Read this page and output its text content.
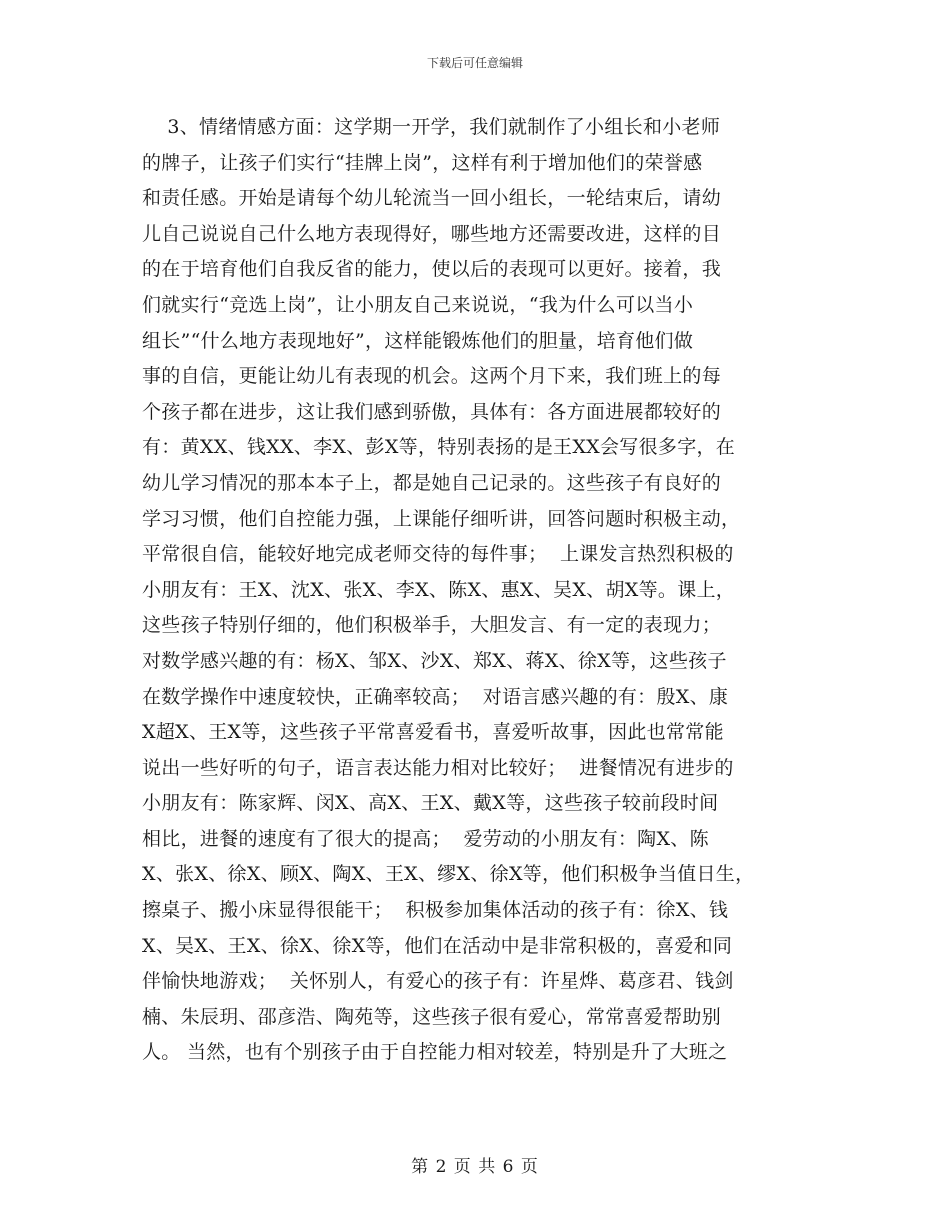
下载后可任意编辑
3、情绪情感方面：这学期一开学，我们就制作了小组长和小老师
的牌子，让孩子们实行“挂牌上岗”，这样有利于增加他们的荣誉感
和责任感。开始是请每个幼儿轮流当一回小组长，一轮结束后，请幼
儿自己说说自己什么地方表现得好，哪些地方还需要改进，这样的目
的在于培育他们自我反省的能力，使以后的表现可以更好。接着，我
们就实行“竞选上岗”，让小朋友自己来说说，“我为什么可以当小
组长”“什么地方表现地好”，这样能锻炼他们的胆量，培育他们做
事的自信，更能让幼儿有表现的机会。这两个月下来，我们班上的每
个孩子都在进步，这让我们感到骄傲，具体有：各方面进展都较好的
有：黄XX、钱XX、李X、彭X等，特别表扬的是王XX会写很多字，在
幼儿学习情况的那本本子上，都是她自己记录的。这些孩子有良好的
学习习惯，他们自控能力强，上课能仔细听讲，回答问题时积极主动，
平常很自信，能较好地完成老师交待的每件事；  上课发言热烈积极的
小朋友有：王X、沈X、张X、李X、陈X、惠X、吴X、胡X等。课上，
这些孩子特别仔细的，他们积极举手，大胆发言、有一定的表现力；
对数学感兴趣的有：杨X、邹X、沙X、郑X、蒋X、徐X等，这些孩子
在数学操作中速度较快，正确率较高；  对语言感兴趣的有：殷X、康
X超X、王X等，这些孩子平常喜爱看书，喜爱听故事，因此也常常能
说出一些好听的句子，语言表达能力相对比较好；  进餐情况有进步的
小朋友有：陈家辉、闵X、高X、王X、戴X等，这些孩子较前段时间
相比，进餐的速度有了很大的提高；  爱劳动的小朋友有：陶X、陈
X、张X、徐X、顾X、陶X、王X、缪X、徐X等，他们积极争当值日生，
擦桌子、搬小床显得很能干；  积极参加集体活动的孩子有：徐X、钱
X、吴X、王X、徐X、徐X等，他们在活动中是非常积极的，喜爱和同
伴愉快地游戏；  关怀别人，有爱心的孩子有：许星烨、葛彦君、钱剑
楠、朱辰玥、邵彦浩、陶苑等，这些孩子很有爱心，常常喜爱帮助别
人。 当然，也有个别孩子由于自控能力相对较差，特别是升了大班之
第 2 页 共 6 页
